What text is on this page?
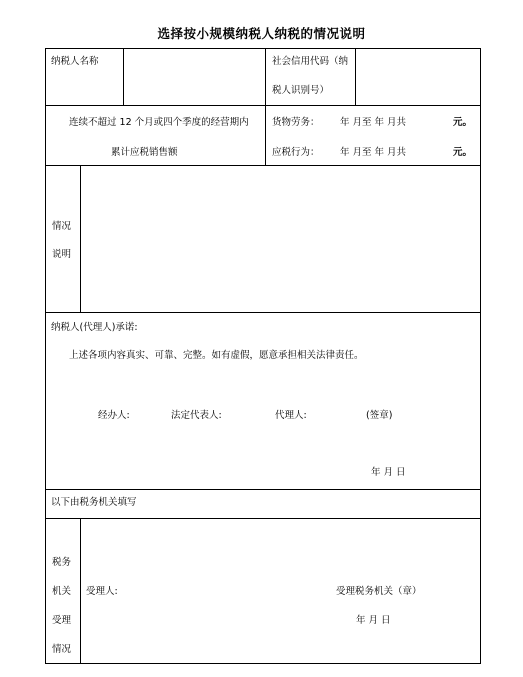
选择按小规模纳税人纳税的情况说明
纳税人名称	社会信用代码（纳
税人识别号）
连续不超过 12 个月或四个季度的经营期内
累计应税销售额
货物劳务： 年 月至 年 月共	元。
应税行为： 年 月至 年 月共	元。
情况
说明
纳税人(代理人)承诺:
上述各项内容真实、可靠、完整。如有虚假，愿意承担相关法律责任。
经办人:	法定代表人:	代理人:	(签章)
年 月 日
以下由税务机关填写
税务
机关
受理
情况
受理人:	受理税务机关（章）
年 月 日
